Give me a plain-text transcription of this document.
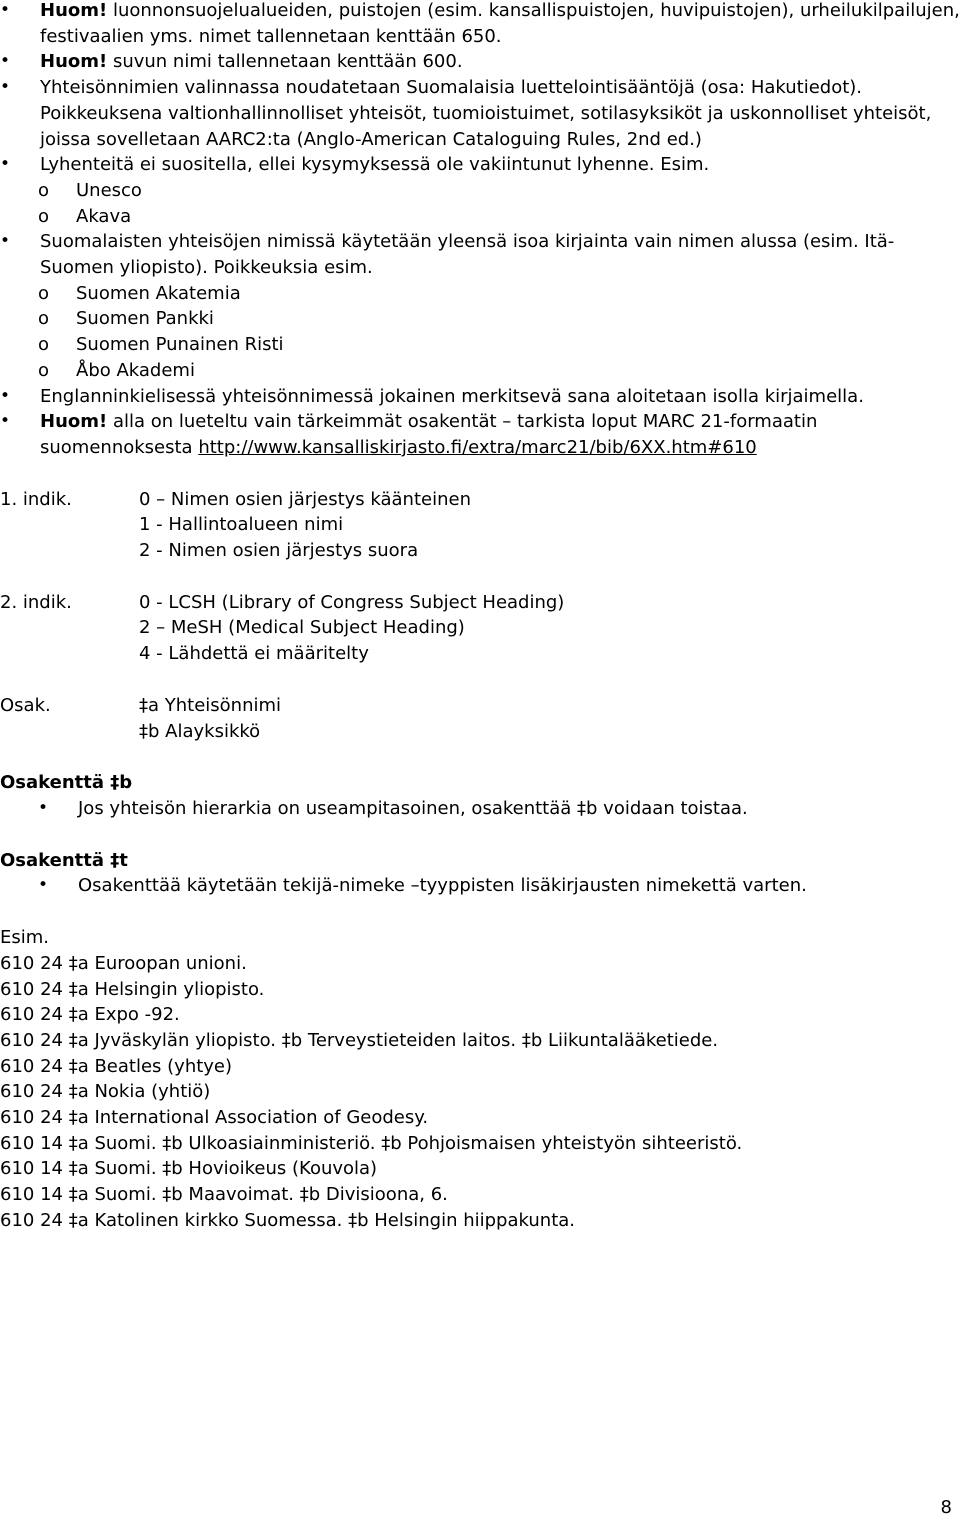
• Huom! luonnonsuojelualueiden, puistojen (esim. kansallispuistojen, huvipuistojen), urheilukilpailujen, festivaalien yms. nimet tallennetaan kenttään 650.
• Huom! suvun nimi tallennetaan kenttään 600.
• Yhteisönnimien valinnassa noudatetaan Suomalaisia luettelointisääntöjä (osa: Hakutiedot). Poikkeuksena valtionhallinnolliset yhteisöt, tuomioistuimet, sotilasyksiköt ja uskonnolliset yhteisöt, joissa sovelletaan AARC2:ta (Anglo-American Cataloguing Rules, 2nd ed.)
• Lyhenteitä ei suositella, ellei kysymyksessä ole vakiintunut lyhenne. Esim.
o Unesco
o Akava
• Suomalaisten yhteisöjen nimissä käytetään yleensä isoa kirjainta vain nimen alussa (esim. Itä-Suomen yliopisto). Poikkeuksia esim.
o Suomen Akatemia
o Suomen Pankki
o Suomen Punainen Risti
o Åbo Akademi
• Englanninkielisessä yhteisönnimessä jokainen merkitsevä sana aloitetaan isolla kirjaimella.
• Huom! alla on lueteltu vain tärkeimmät osakentät – tarkista loput MARC 21-formaatin suomennoksesta http://www.kansalliskirjasto.fi/extra/marc21/bib/6XX.htm#610
1. indik.	0 – Nimen osien järjestys käänteinen
1 - Hallintoalueen nimi
2 - Nimen osien järjestys suora
2. indik.	0 - LCSH (Library of Congress Subject Heading)
2 – MeSH (Medical Subject Heading)
4 - Lähdettä ei määritelty
Osak.	‡a Yhteisönnimi
‡b Alayksikkö
Osakenttä ‡b
• Jos yhteisön hierarkia on useampitasoinen, osakenttää ‡b voidaan toistaa.
Osakenttä ‡t
• Osakenttää käytetään tekijä-nimeke –tyyppisten lisäkirjausten nimekettä varten.
Esim.
610 24 ‡a Euroopan unioni.
610 24 ‡a Helsingin yliopisto.
610 24 ‡a Expo -92.
610 24 ‡a Jyväskylän yliopisto. ‡b Terveystieteiden laitos. ‡b Liikuntalääketiede.
610 24 ‡a Beatles (yhtye)
610 24 ‡a Nokia (yhtiö)
610 24 ‡a International Association of Geodesy.
610 14 ‡a Suomi. ‡b Ulkoasiainministeriö. ‡b Pohjoismaisen yhteistyön sihteeristö.
610 14 ‡a Suomi. ‡b Hovioikeus (Kouvola)
610 14 ‡a Suomi. ‡b Maavoimat. ‡b Divisioona, 6.
610 24 ‡a Katolinen kirkko Suomessa. ‡b Helsingin hiippakunta.
8
